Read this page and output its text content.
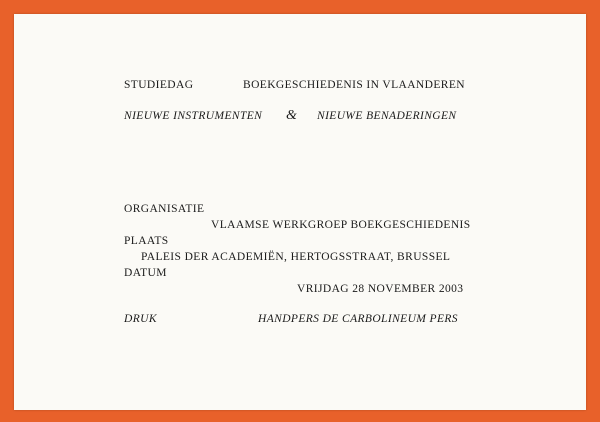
STUDIEDAG	BOEKGESCHIEDENIS IN VLAANDEREN
NIEUWE INSTRUMENTEN & NIEUWE BENADERINGEN
ORGANISATIE
VLAAMSE WERKGROEP BOEKGESCHIEDENIS
PLAATS
PALEIS DER ACADEMIËN, HERTOGSSTRAAT, BRUSSEL
DATUM
VRIJDAG 28 NOVEMBER 2003
DRUK	HANDPERS DE CARBOLINEUM PERS
